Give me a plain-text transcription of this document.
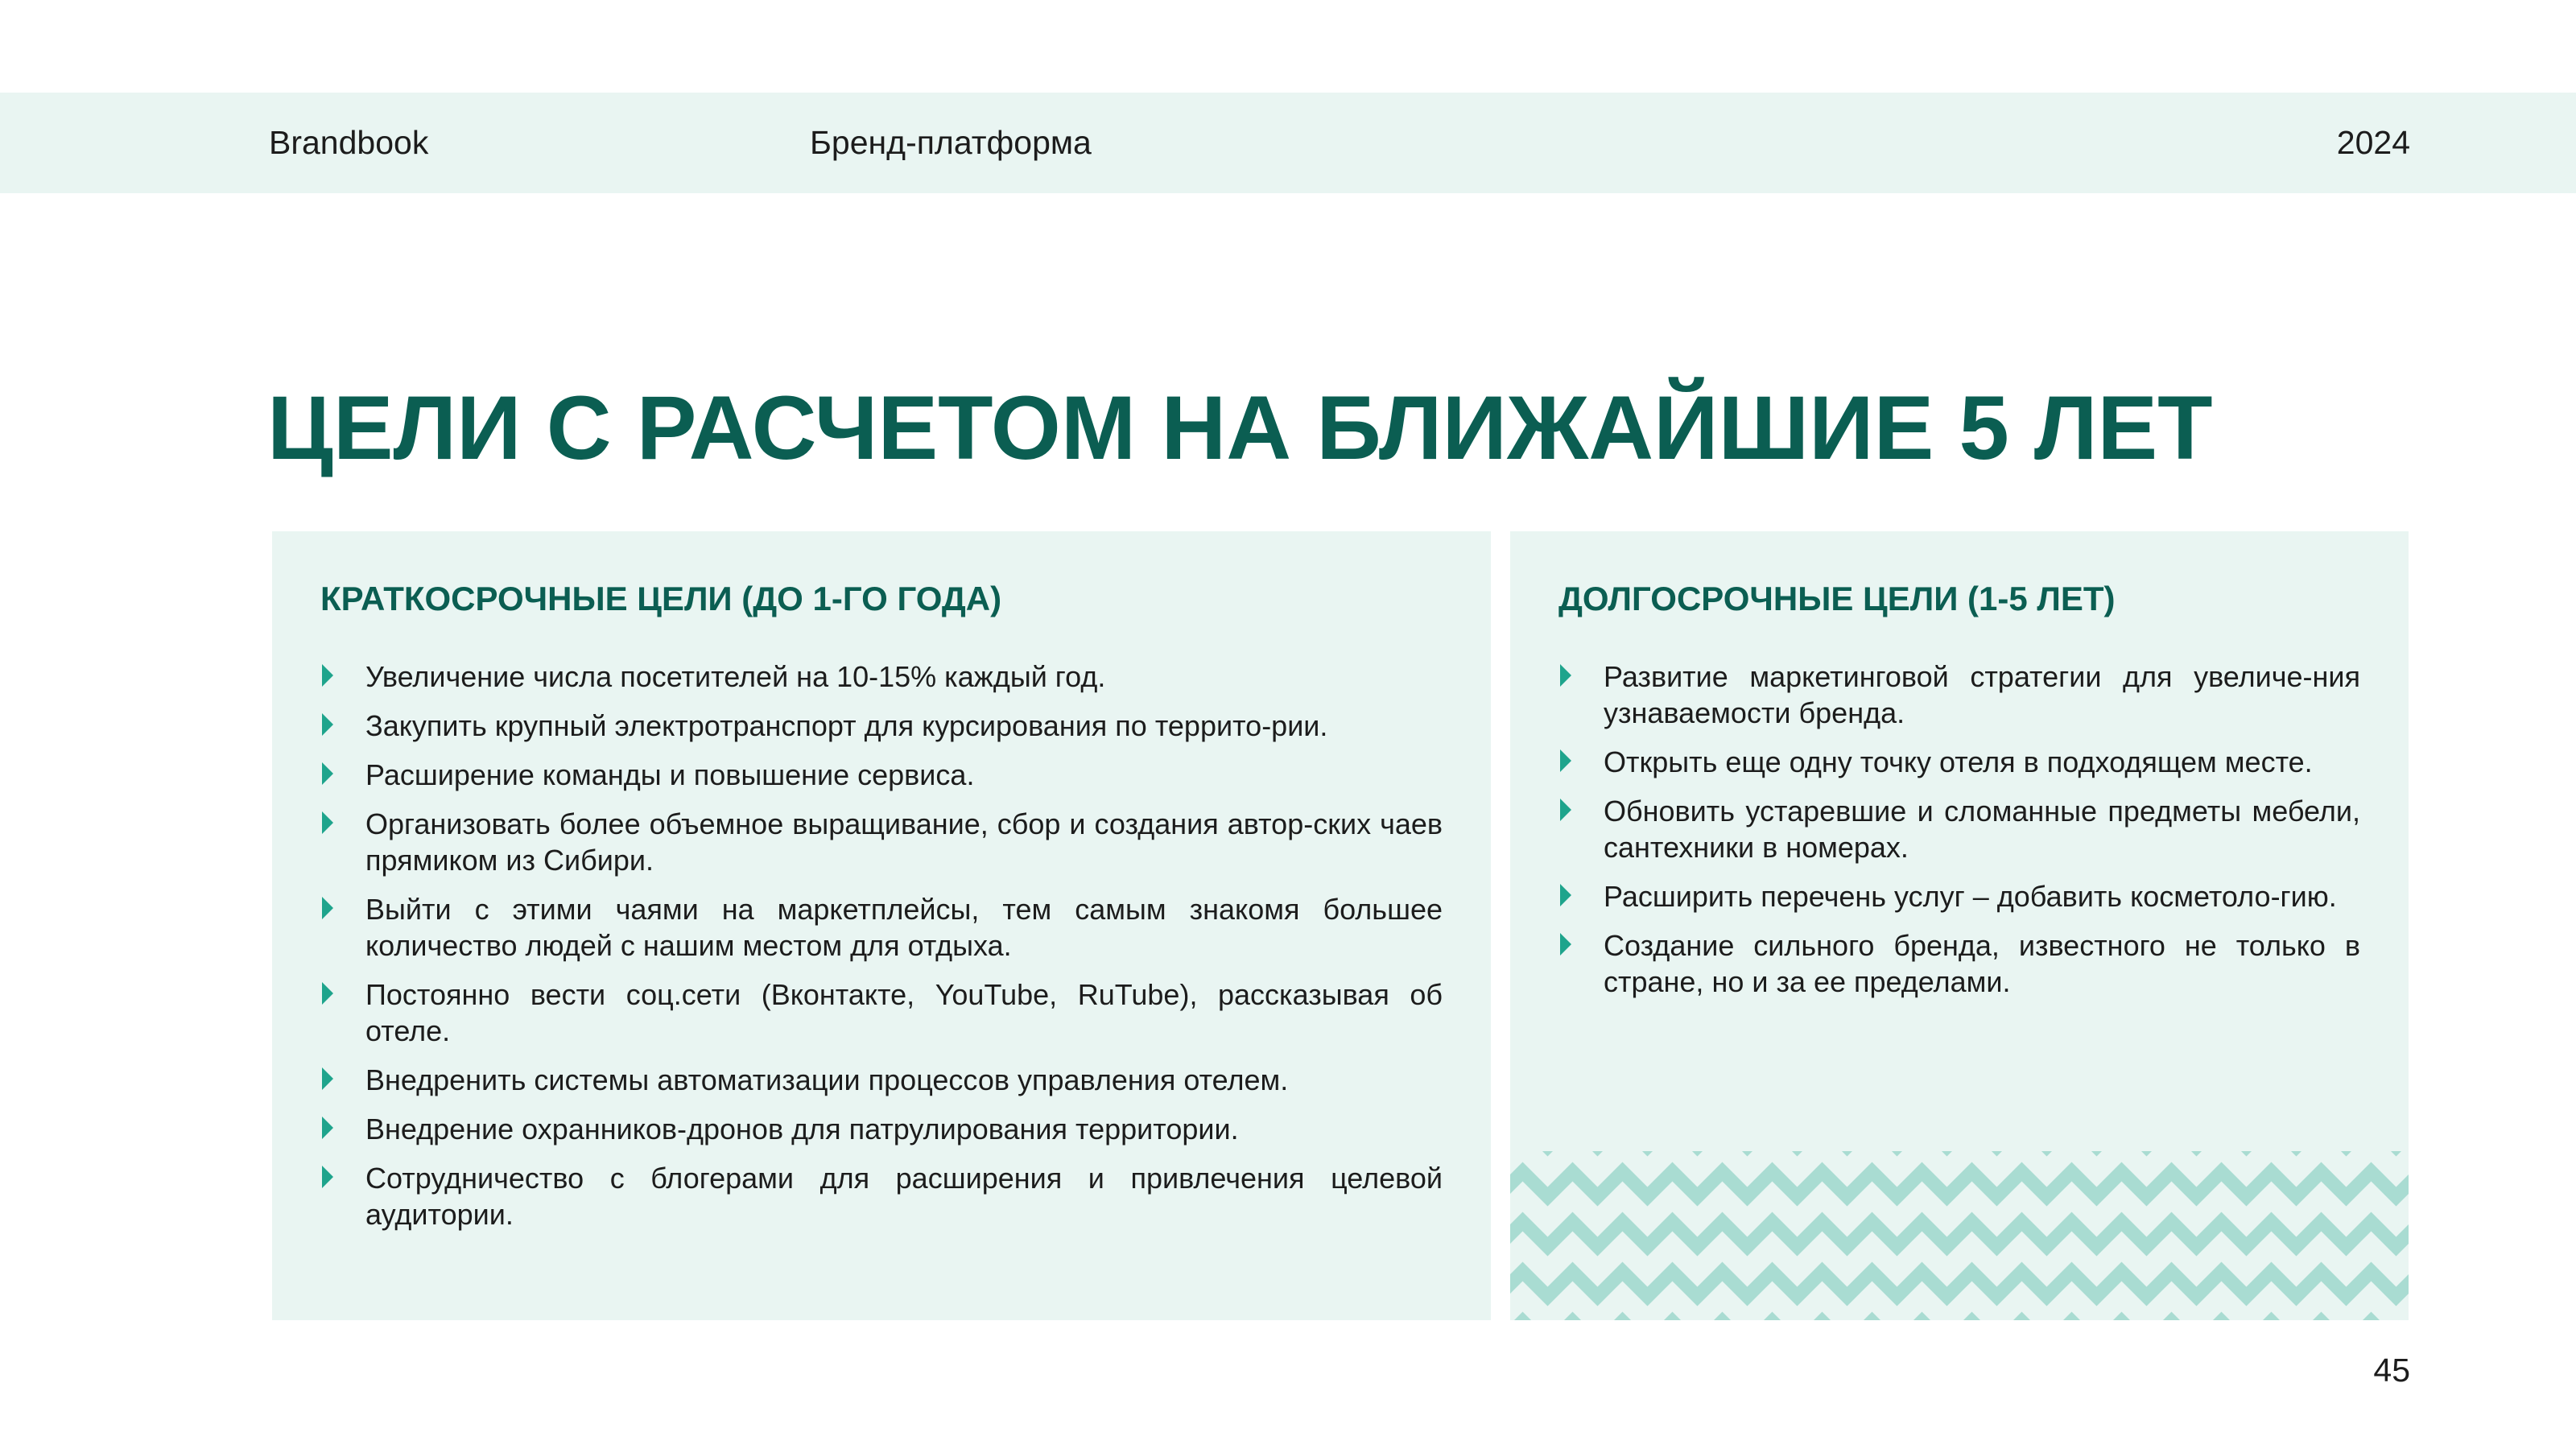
Brandbook	Бренд-платформа	2024
ЦЕЛИ С РАСЧЕТОМ НА БЛИЖАЙШИЕ 5 ЛЕТ
КРАТКОСРОЧНЫЕ ЦЕЛИ (ДО 1-ГО ГОДА)
Увеличение числа посетителей на 10-15% каждый год.
Закупить крупный электротранспорт для курсирования по террито-рии.
Расширение команды и повышение сервиса.
Организовать более объемное выращивание, сбор и создания автор-ских чаев прямиком из Сибири.
Выйти с этими чаями на маркетплейсы, тем самым знакомя большее количество людей с нашим местом для отдыха.
Постоянно вести соц.сети (Вконтакте, YouTube, RuTube), рассказывая об отеле.
Внедренить системы автоматизации процессов управления отелем.
Внедрение охранников-дронов для патрулирования территории.
Сотрудничество с блогерами для расширения и привлечения целевой аудитории.
ДОЛГОСРОЧНЫЕ ЦЕЛИ (1-5 ЛЕТ)
Развитие маркетинговой стратегии для увеличе-ния узнаваемости бренда.
Открыть еще одну точку отеля в подходящем месте.
Обновить устаревшие и сломанные предметы мебели, сантехники в номерах.
Расширить перечень услуг – добавить косметоло-гию.
Создание сильного бренда, известного не только в стране, но и за ее пределами.
45
